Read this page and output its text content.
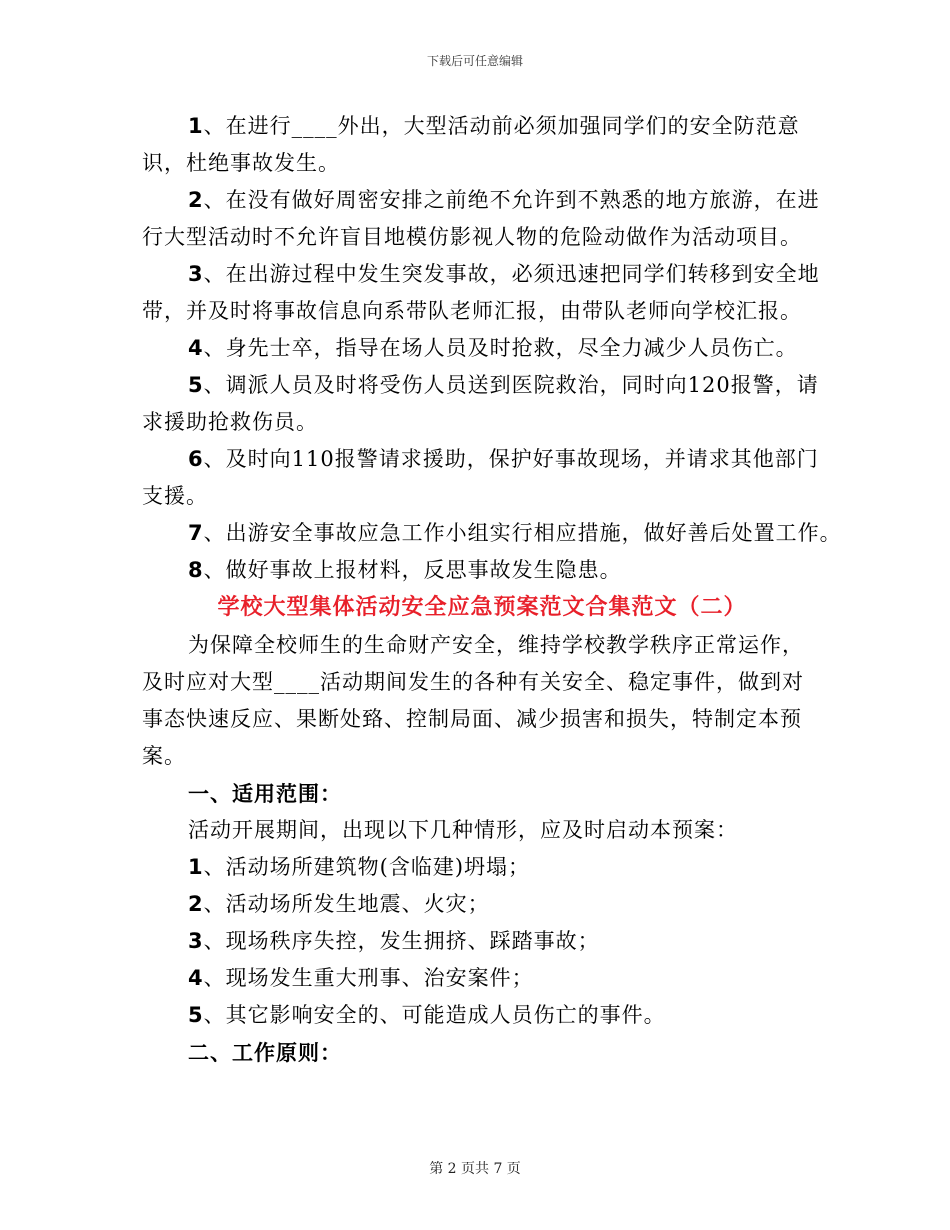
下载后可任意编辑

1、在进行____外出，大型活动前必须加强同学们的安全防范意识，杜绝事故发生。

2、在没有做好周密安排之前绝不允许到不熟悉的地方旅游，在进行大型活动时不允许盲目地模仿影视人物的危险动做作为活动项目。

3、在出游过程中发生突发事故，必须迅速把同学们转移到安全地带，并及时将事故信息向系带队老师汇报，由带队老师向学校汇报。

4、身先士卒，指导在场人员及时抢救，尽全力减少人员伤亡。

5、调派人员及时将受伤人员送到医院救治，同时向120报警，请求援助抢救伤员。

6、及时向110报警请求援助，保护好事故现场，并请求其他部门支援。

7、出游安全事故应急工作小组实行相应措施，做好善后处置工作。

8、做好事故上报材料，反思事故发生隐患。

学校大型集体活动安全应急预案范文合集范文（二）

为保障全校师生的生命财产安全，维持学校教学秩序正常运作，及时应对大型____活动期间发生的各种有关安全、稳定事件，做到对事态快速反应、果断处臵、控制局面、减少损害和损失，特制定本预案。

一、适用范围：

活动开展期间，出现以下几种情形，应及时启动本预案：

1、活动场所建筑物(含临建)坍塌；

2、活动场所发生地震、火灾；

3、现场秩序失控，发生拥挤、踩踏事故；

4、现场发生重大刑事、治安案件；

5、其它影响安全的、可能造成人员伤亡的事件。

二、工作原则：

第 2 页共 7 页
